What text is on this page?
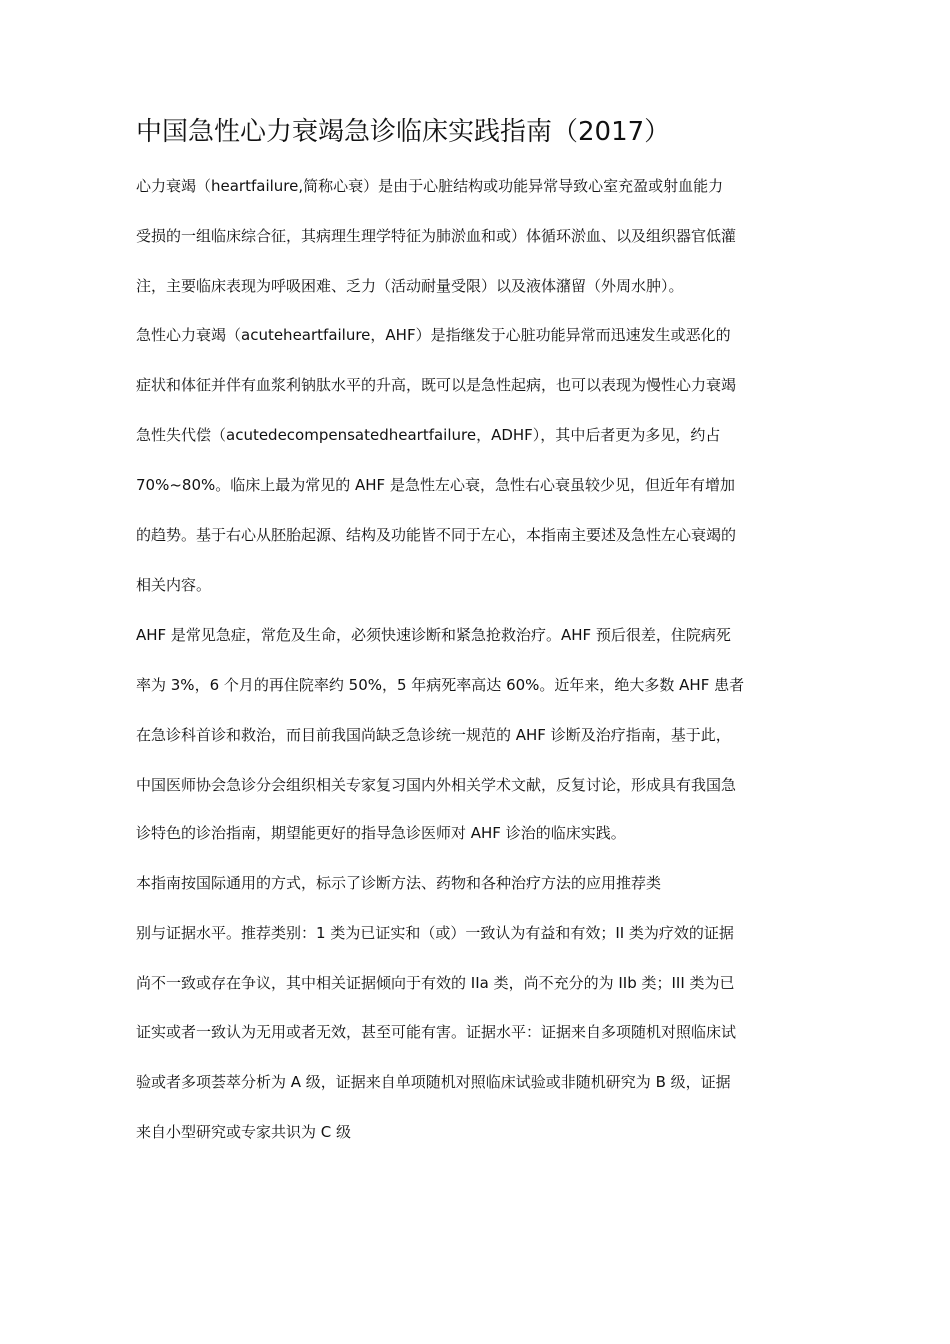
中国急性心力衰竭急诊临床实践指南（2017）
心力衰竭（heartfailure,简称心衰）是由于心脏结构或功能异常导致心室充盈或射血能力
受损的一组临床综合征，其病理生理学特征为肺淤血和或）体循环淤血、以及组织器官低灌
注，主要临床表现为呼吸困难、乏力（活动耐量受限）以及液体潴留（外周水肿）。
急性心力衰竭（acuteheartfailure，AHF）是指继发于心脏功能异常而迅速发生或恶化的
症状和体征并伴有血浆利钠肽水平的升高，既可以是急性起病，也可以表现为慢性心力衰竭
急性失代偿（acutedecompensatedheartfailure，ADHF），其中后者更为多见，约占
70%~80%。临床上最为常见的 AHF 是急性左心衰，急性右心衰虽较少见，但近年有增加
的趋势。基于右心从胚胎起源、结构及功能皆不同于左心，本指南主要述及急性左心衰竭的
相关内容。
AHF 是常见急症，常危及生命，必须快速诊断和紧急抢救治疗。AHF 预后很差，住院病死
率为 3%，6 个月的再住院率约 50%，5 年病死率高达 60%。近年来，绝大多数 AHF 患者
在急诊科首诊和救治，而目前我国尚缺乏急诊统一规范的 AHF 诊断及治疗指南，基于此，
中国医师协会急诊分会组织相关专家复习国内外相关学术文献，反复讨论，形成具有我国急
诊特色的诊治指南，期望能更好的指导急诊医师对 AHF 诊治的临床实践。
本指南按国际通用的方式，标示了诊断方法、药物和各种治疗方法的应用推荐类
别与证据水平。推荐类别：1 类为已证实和（或）一致认为有益和有效；II 类为疗效的证据
尚不一致或存在争议，其中相关证据倾向于有效的 IIa 类，尚不充分的为 IIb 类；III 类为已
证实或者一致认为无用或者无效，甚至可能有害。证据水平：证据来自多项随机对照临床试
验或者多项荟萃分析为 A 级，证据来自单项随机对照临床试验或非随机研究为 B 级，证据
来自小型研究或专家共识为 C 级
